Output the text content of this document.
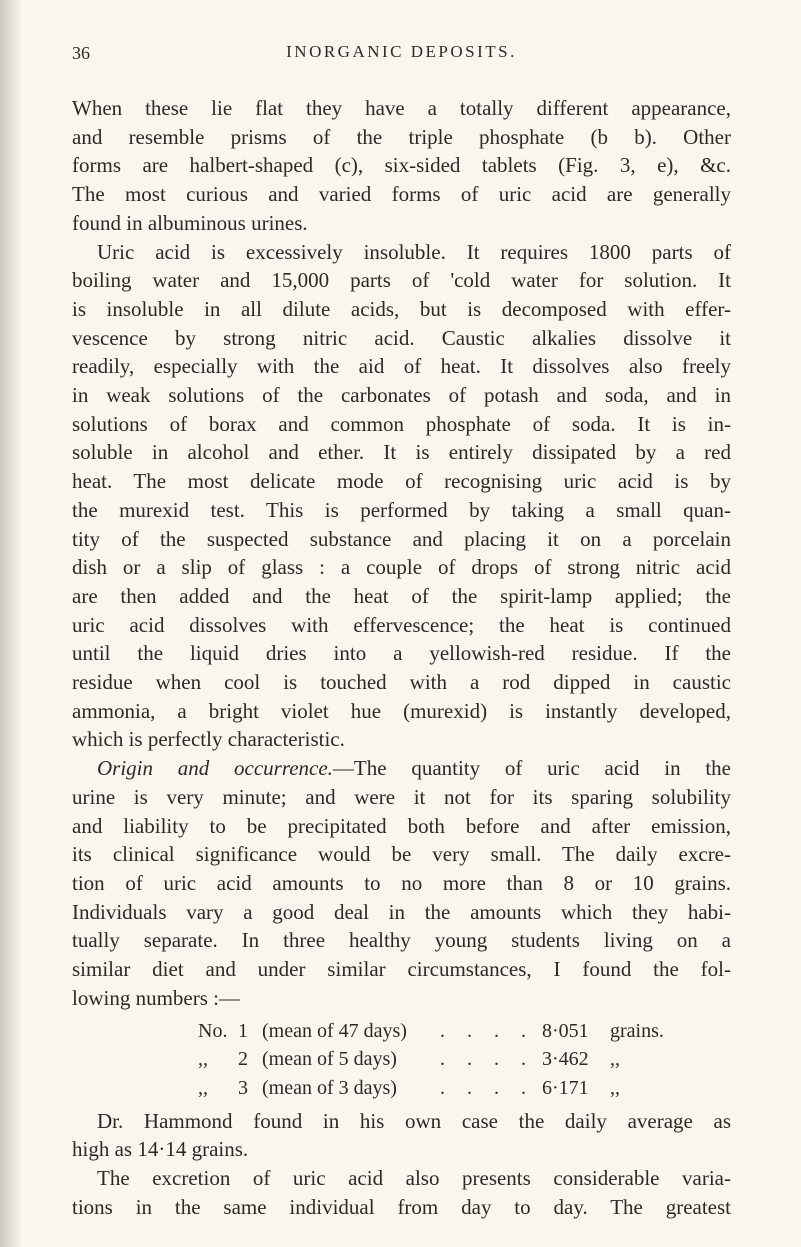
36	INORGANIC DEPOSITS.
When these lie flat they have a totally different appearance,
and resemble prisms of the triple phosphate (b b). Other
forms are halbert-shaped (c), six-sided tablets (Fig. 3, e), &c.
The most curious and varied forms of uric acid are generally
found in albuminous urines.
Uric acid is excessively insoluble. It requires 1800 parts of
boiling water and 15,000 parts of 'cold water for solution. It
is insoluble in all dilute acids, but is decomposed with effer-
vescence by strong nitric acid. Caustic alkalies dissolve it
readily, especially with the aid of heat. It dissolves also freely
in weak solutions of the carbonates of potash and soda, and in
solutions of borax and common phosphate of soda. It is in-
soluble in alcohol and ether. It is entirely dissipated by a red
heat. The most delicate mode of recognising uric acid is by
the murexid test. This is performed by taking a small quan-
tity of the suspected substance and placing it on a porcelain
dish or a slip of glass : a couple of drops of strong nitric acid
are then added and the heat of the spirit-lamp applied; the
uric acid dissolves with effervescence; the heat is continued
until the liquid dries into a yellowish-red residue. If the
residue when cool is touched with a rod dipped in caustic
ammonia, a bright violet hue (murexid) is instantly developed,
which is perfectly characteristic.
Origin and occurrence.—The quantity of uric acid in the
urine is very minute; and were it not for its sparing solubility
and liability to be precipitated both before and after emission,
its clinical significance would be very small. The daily excre-
tion of uric acid amounts to no more than 8 or 10 grains.
Individuals vary a good deal in the amounts which they habi-
tually separate. In three healthy young students living on a
similar diet and under similar circumstances, I found the fol-
lowing numbers :—
No. 1 (mean of 47 days)	. . . . 8·051	grains.
,,	2 (mean of 5 days)	. . . . 3·462	,,
,,	3 (mean of 3 days)	. . . . 6·171	,,
Dr. Hammond found in his own case the daily average as
high as 14·14 grains.
The excretion of uric acid also presents considerable varia-
tions in the same individual from day to day. The greatest
